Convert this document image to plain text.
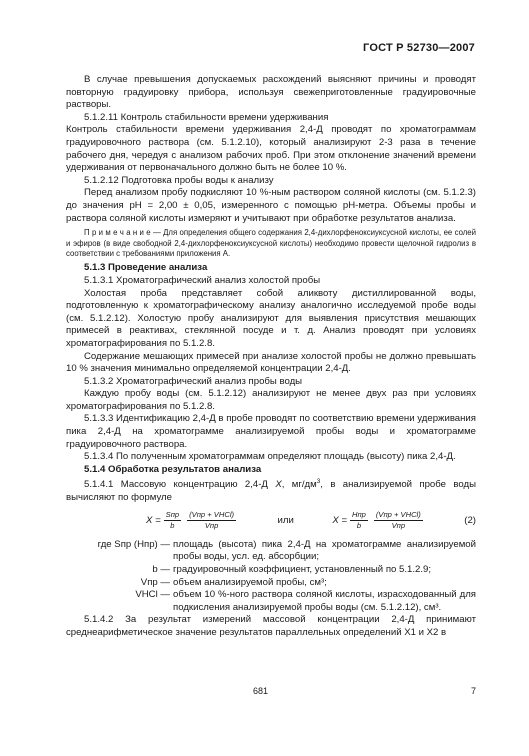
ГОСТ Р 52730—2007

В случае превышения допускаемых расхождений выясняют причины и проводят повторную градуировку прибора, используя свежеприготовленные градуировочные растворы.

5.1.2.11 Контроль стабильности времени удерживания

Контроль стабильности времени удерживания 2,4-Д проводят по хроматограммам градуировочного раствора (см. 5.1.2.10), который анализируют 2-3 раза в течение рабочего дня, чередуя с анализом рабочих проб. При этом отклонение значений времени удерживания от первоначального должно быть не более 10 %.

5.1.2.12 Подготовка пробы воды к анализу

Перед анализом пробу подкисляют 10 %-ным раствором соляной кислоты (см. 5.1.2.3) до значения pH = 2,00 ± 0,05, измеренного с помощью pH-метра. Объемы пробы и раствора соляной кислоты измеряют и учитывают при обработке результатов анализа.

П р и м е ч а н и е — Для определения общего содержания 2,4-дихлорфеноксиуксусной кислоты, ее солей и эфиров (в виде свободной 2,4-дихлорфеноксиуксусной кислоты) необходимо провести щелочной гидролиз в соответствии с требованиями приложения А.

5.1.3 Проведение анализа

5.1.3.1 Хроматографический анализ холостой пробы

Холостая проба представляет собой аликвоту дистиллированной воды, подготовленную к хроматографическому анализу аналогично исследуемой пробе воды (см. 5.1.2.12). Холостую пробу анализируют для выявления присутствия мешающих примесей в реактивах, стеклянной посуде и т. д. Анализ проводят при условиях хроматографирования по 5.1.2.8.

Содержание мешающих примесей при анализе холостой пробы не должно превышать 10 % значения минимально определяемой концентрации 2,4-Д.

5.1.3.2 Хроматографический анализ пробы воды

Каждую пробу воды (см. 5.1.2.12) анализируют не менее двух раз при условиях хроматографирования по 5.1.2.8.

5.1.3.3 Идентификацию 2,4-Д в пробе проводят по соответствию времени удерживания пика 2,4-Д на хроматограмме анализируемой пробы воды и хроматограмме градуировочного раствора.

5.1.3.4 По полученным хроматограммам определяют площадь (высоту) пика 2,4-Д.

5.1.4 Обработка результатов анализа

5.1.4.1 Массовую концентрацию 2,4-Д X, $мг/дм^3$, в анализируемой пробе воды вычисляют по формуле

$X = \frac{\text{Sпр}}{b} \frac{\text{(Vпр + VHCl)}}{\text{Vпр}}$	или	$X = \frac{\text{Hпр}}{b} \frac{\text{(Vпр + VHCl)}}{\text{Vпр}}$	(2)
где Sпр (Hпр) — площадь (высота) пика 2,4-Д на хроматограмме анализируемой пробы воды, усл. ед. абсорбции;
b — градуировочный коэффициент, установленный по 5.1.2.9;
Vпр — объем анализируемой пробы, см³;
VHCl — объем 10 %-ного раствора соляной кислоты, израсходованный для подкисления анализируемой пробы воды (см. 5.1.2.12), см³.

5.1.4.2 За результат измерений массовой концентрации 2,4-Д принимают среднеарифметическое значение результатов параллельных определений X1 и X2 в

681	7
